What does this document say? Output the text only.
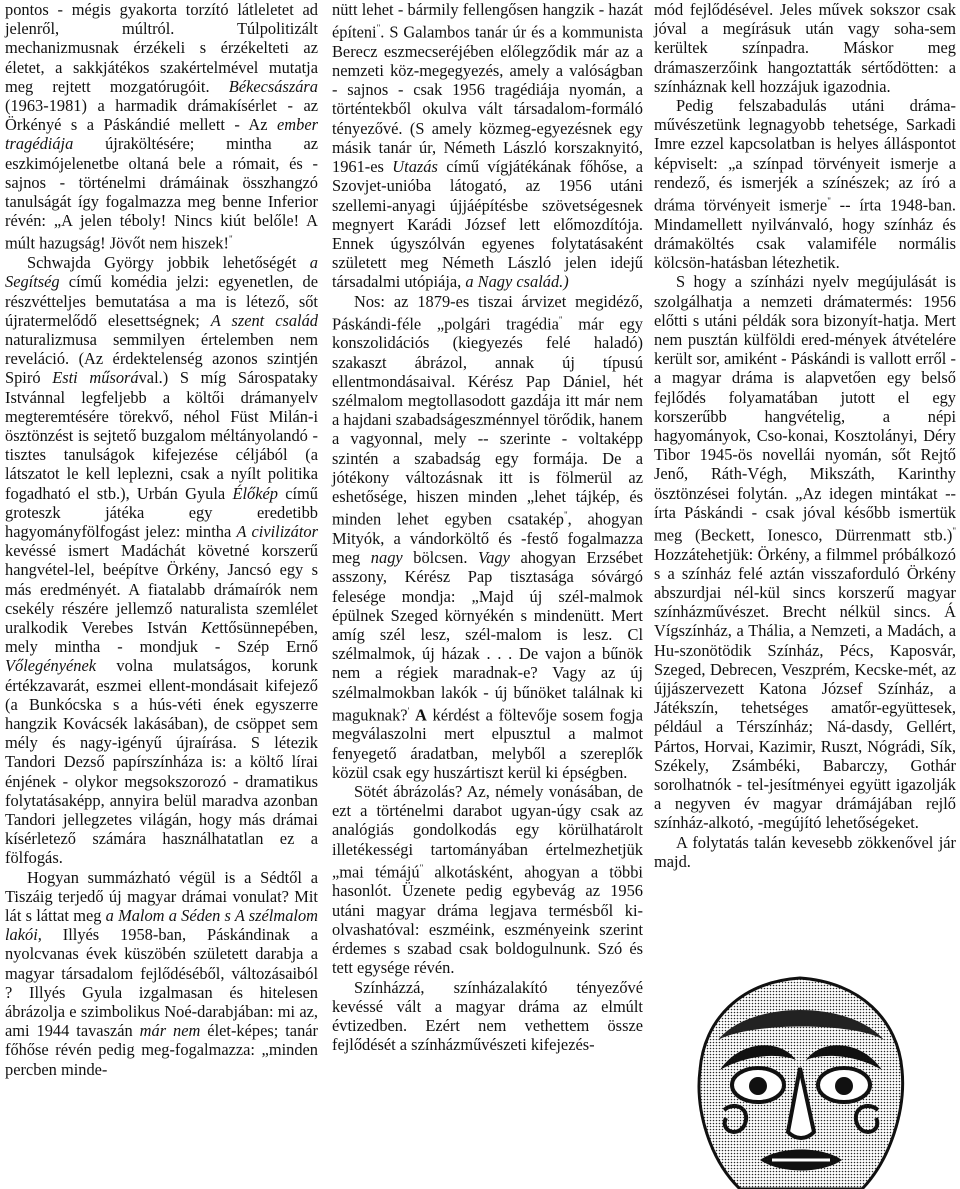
pontos - mégis gyakorta torzító látleletet ad jelenről, múltról. Túlpolitizált mechanizmusnak érzékeli s érzékelteti az életet, a sakkjátékos szakértelmével mutatja meg rejtett mozgatórugóit. Békecsászára (1963-1981) a harmadik drámakísérlet - az Örkényé s a Páskándié mellett - Az ember tragédiája újraköltésére; mintha az eszkimójelenetbe oltaná bele a rómait, és - sajnos - történelmi drámáinak összhangzó tanulságát így fogalmazza meg benne Inferior révén: „A jelen téboly! Nincs kiút belőle! A múlt hazugság! Jövőt nem hiszek!"

Schwajda György jobbik lehetőségét a Segítség című komédia jelzi: egyenetlen, de részvétteljes bemutatása a ma is létező, sőt újratermelődő elesettségnek; A szent család naturalizmusa semmilyen értelemben nem reveláció. (Az érdektelenség azonos szintjén Spiró Esti műsorával.) S míg Sárospataky Istvánnal legfeljebb a költői drámanyelv megteremtésére törekvő, néhol Füst Milán-i ösztönzést is sejtető buzgalom méltányolandó - tisztes tanulságok kifejezése céljából (a látszatot le kell leplezni, csak a nyílt politika fogadható el stb.), Urbán Gyula Élőkép című groteszk játéka egy eredetibb hagyományfölfogást jelez: mintha A civilizátor kevéssé ismert Madáchát követné korszerű hangvétel-lel, beépítve Örkény, Jancsó egy s más eredményét. A fiatalabb drámaírók nem csekély részére jellemző naturalista szemlélet uralkodik Verebes István Kettősünnepében, mely mintha - mondjuk - Szép Ernő Vőlegényének volna mulatságos, korunk értékzavarát, eszmei ellent-mondásait kifejező (a Bunkócska s a hús-véti ének egyszerre hangzik Kovácsék lakásában), de csöppet sem mély és nagy-igényű újraírása. S létezik Tandori Dezső papírszínháza is: a költő lírai énjének - olykor megsokszorozó - dramatikus folytatásaképp, annyira belül maradva azonban Tandori jellegzetes világán, hogy más drámai kísérletező számára használhatatlan ez a fölfogás.

Hogyan summázható végül is a Sédtől a Tiszáig terjedő új magyar drámai vonulat? Mit lát s láttat meg a Malom a Séden s A szélmalom lakói, Illyés 1958-ban, Páskándinak a nyolcvanas évek küszöbén született darabja a magyar társadalom fejlődéséből, változásaiból ? Illyés Gyula izgalmasan és hitelesen ábrázolja e szimbolikus Noé-darabjában: mi az, ami 1944 tavaszán már nem élet-képes; tanár főhőse révén pedig meg-fogalmazza: „minden percben minde-

nütt lehet - bármily fellengősen hangzik - hazát építeni". S Galambos tanár úr és a kommunista Berecz eszmecseréjében előlegződik már az a nemzeti köz-megegyezés, amely a valóságban - sajnos - csak 1956 tragédiája nyomán, a történtekből okulva vált társadalom-formáló tényezővé. (S amely közmeg-egyezésnek egy másik tanár úr, Németh László korszaknyitó, 1961-es Utazás című vígjátékának főhőse, a Szovjet-unióba látogató, az 1956 utáni szellemi-anyagi újjáépítésbe szövetségesnek megnyert Karádi József lett előmozdítója. Ennek úgyszólván egyenes folytatásaként született meg Németh László jelen idejű társadalmi utópiája, a Nagy család.)

Nos: az 1879-es tiszai árvizet megidéző, Páskándi-féle „polgári tragédia" már egy konszolidációs (kiegyezés felé haladó) szakaszt ábrázol, annak új típusú ellentmondásaival. Kérész Pap Dániel, hét szélmalom megtollasodott gazdája itt már nem a hajdani szabadságeszménnyel törődik, hanem a vagyonnal, mely -- szerinte - voltaképp szintén a szabadság egy formája. De a jótékony változásnak itt is fölmerül az eshetősége, hiszen minden „lehet tájkép, és minden lehet egyben csatakép", ahogyan Mityók, a vándorköltő és -festő fogalmazza meg nagy bölcsen. Vagy ahogyan Erzsébet asszony, Kérész Pap tisztasága sóvárgó felesége mondja: „Majd új szél-malmok épülnek Szeged környékén s mindenütt. Mert amíg szél lesz, szél-malom is lesz. Cl szélmalmok, új házak . . . De vajon a bűnök nem a régiek maradnak-e? Vagy az új szélmalmokban lakók - új bűnöket találnak ki maguknak?' A kérdést a föltevője sosem fogja megválaszolni mert elpusztul a malmot fenyegető áradatban, melyből a szereplők közül csak egy huszártiszt kerül ki épségben.

Sötét ábrázolás? Az, némely vonásában, de ezt a történelmi darabot ugyan-úgy csak az analógiás gondolkodás egy körülhatárolt illetékességi tartományában értelmezhetjük „mai témájú" alkotásként, ahogyan a többi hasonlót. Üzenete pedig egybevág az 1956 utáni magyar dráma legjava termésből ki-olvashatóval: eszméink, eszményeink szerint érdemes s szabad csak boldogulnunk. Szó és tett egysége révén.

Színházzá, színházalakító tényezővé kevéssé vált a magyar dráma az elmúlt évtizedben. Ezért nem vethettem össze fejlődését a színházművészeti kifejezés-

mód fejlődésével. Jeles művek sokszor csak jóval a megírásuk után vagy soha-sem kerültek színpadra. Máskor meg drámaszerzőink hangoztatták sértődötten: a színháznak kell hozzájuk igazodnia.

Pedig felszabadulás utáni dráma-művészetünk legnagyobb tehetsége, Sarkadi Imre ezzel kapcsolatban is helyes álláspontot képviselt: „a színpad törvényeit ismerje a rendező, és ismerjék a színészek; az író a dráma törvényeit ismerje" -- írta 1948-ban. Mindamellett nyilvánvaló, hogy színház és drámaköltés csak valamiféle normális kölcsön-hatásban létezhetik.

S hogy a színházi nyelv megújulását is szolgálhatja a nemzeti drámatermés: 1956 előtti s utáni példák sora bizonyít-hatja. Mert nem pusztán külföldi ered-mények átvételére került sor, amiként - Páskándi is vallott erről - a magyar dráma is alapvetően egy belső fejlődés folyamatában jutott el egy korszerűbb hangvételig, a népi hagyományok, Cso-konai, Kosztolányi, Déry Tibor 1945-ös novellái nyomán, sőt Rejtő Jenő, Ráth-Végh, Mikszáth, Karinthy ösztönzései folytán. „Az idegen mintákat -- írta Páskándi - csak jóval később ismertük meg (Beckett, Ionesco, Dürrenmatt stb.)" Hozzátehetjük: Örkény, a filmmel próbálkozó s a színház felé aztán visszaforduló Örkény abszurdjai nél-kül sincs korszerű magyar színházművészet. Brecht nélkül sincs. Á Vígszínház, a Thália, a Nemzeti, a Madách, a Hu-szonötödik Színház, Pécs, Kaposvár, Szeged, Debrecen, Veszprém, Kecske-mét, az újjászervezett Katona József Színház, a Játékszín, tehetséges amatőr-együttesek, például a Térszínház; Ná-dasdy, Gellért, Pártos, Horvai, Kazimir, Ruszt, Nógrádi, Sík, Székely, Zsámbéki, Babarczy, Gothár sorolhatnók - tel-jesítményei együtt igazolják a negyven év magyar drámájában rejlő színház-alkotó, -megújító lehetőségeket.

A folytatás talán kevesebb zökkenővel jár majd.
